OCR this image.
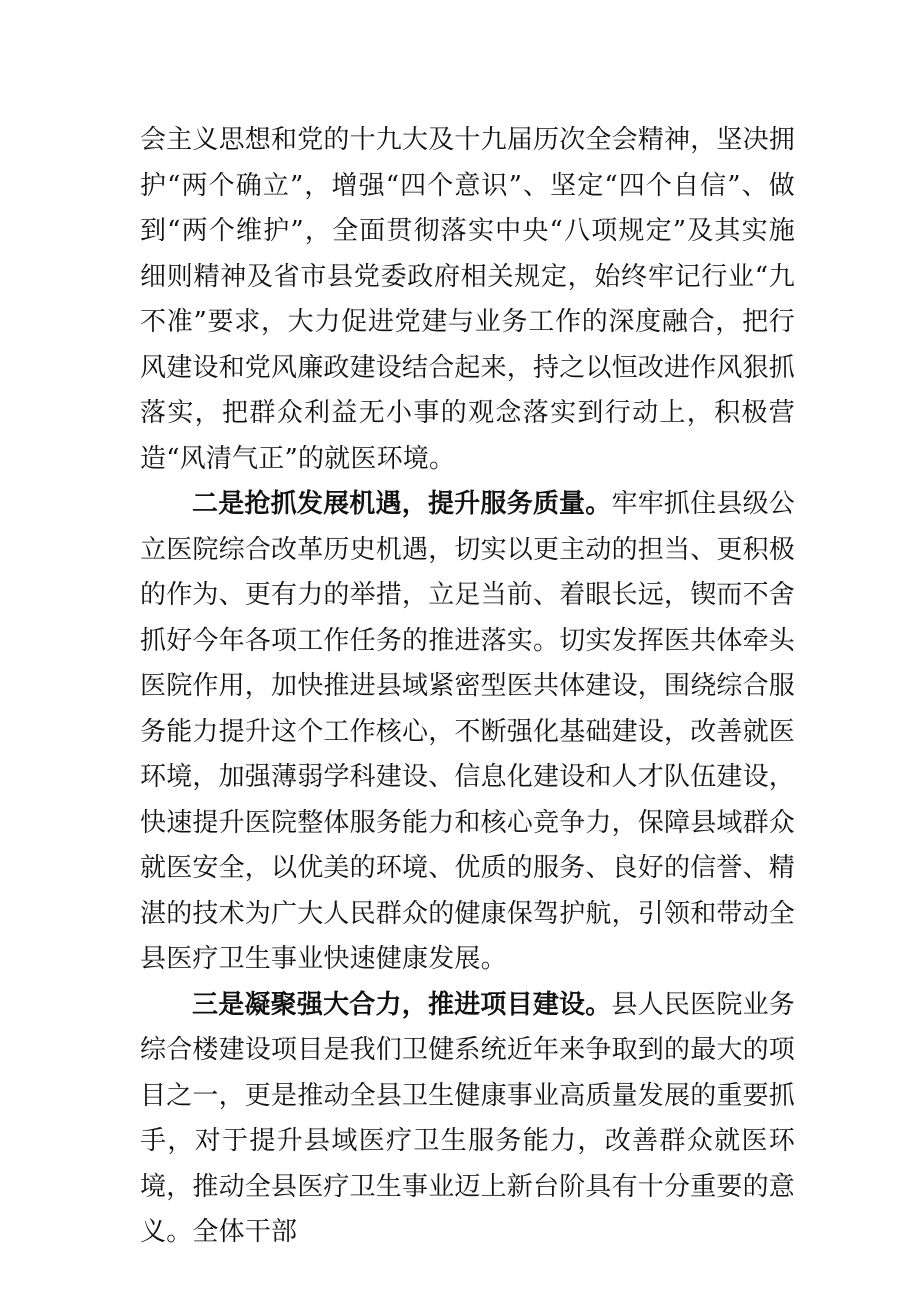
会主义思想和党的十九大及十九届历次全会精神，坚决拥护“两个确立”，增强“四个意识”、坚定“四个自信”、做到“两个维护”，全面贯彻落实中央“八项规定”及其实施细则精神及省市县党委政府相关规定，始终牢记行业“九不准”要求，大力促进党建与业务工作的深度融合，把行风建设和党风廉政建设结合起来，持之以恒改进作风狠抓落实，把群众利益无小事的观念落实到行动上，积极营造“风清气正”的就医环境。

二是抢抓发展机遇，提升服务质量。牢牢抓住县级公立医院综合改革历史机遇，切实以更主动的担当、更积极的作为、更有力的举措，立足当前、着眼长远，锲而不舍抓好今年各项工作任务的推进落实。切实发挥医共体牵头医院作用，加快推进县域紧密型医共体建设，围绕综合服务能力提升这个工作核心，不断强化基础建设，改善就医环境，加强薄弱学科建设、信息化建设和人才队伍建设，快速提升医院整体服务能力和核心竞争力，保障县域群众就医安全，以优美的环境、优质的服务、良好的信誉、精湛的技术为广大人民群众的健康保驾护航，引领和带动全县医疗卫生事业快速健康发展。

三是凝聚强大合力，推进项目建设。县人民医院业务综合楼建设项目是我们卫健系统近年来争取到的最大的项目之一，更是推动全县卫生健康事业高质量发展的重要抓手，对于提升县域医疗卫生服务能力，改善群众就医环境，推动全县医疗卫生事业迈上新台阶具有十分重要的意义。全体干部
